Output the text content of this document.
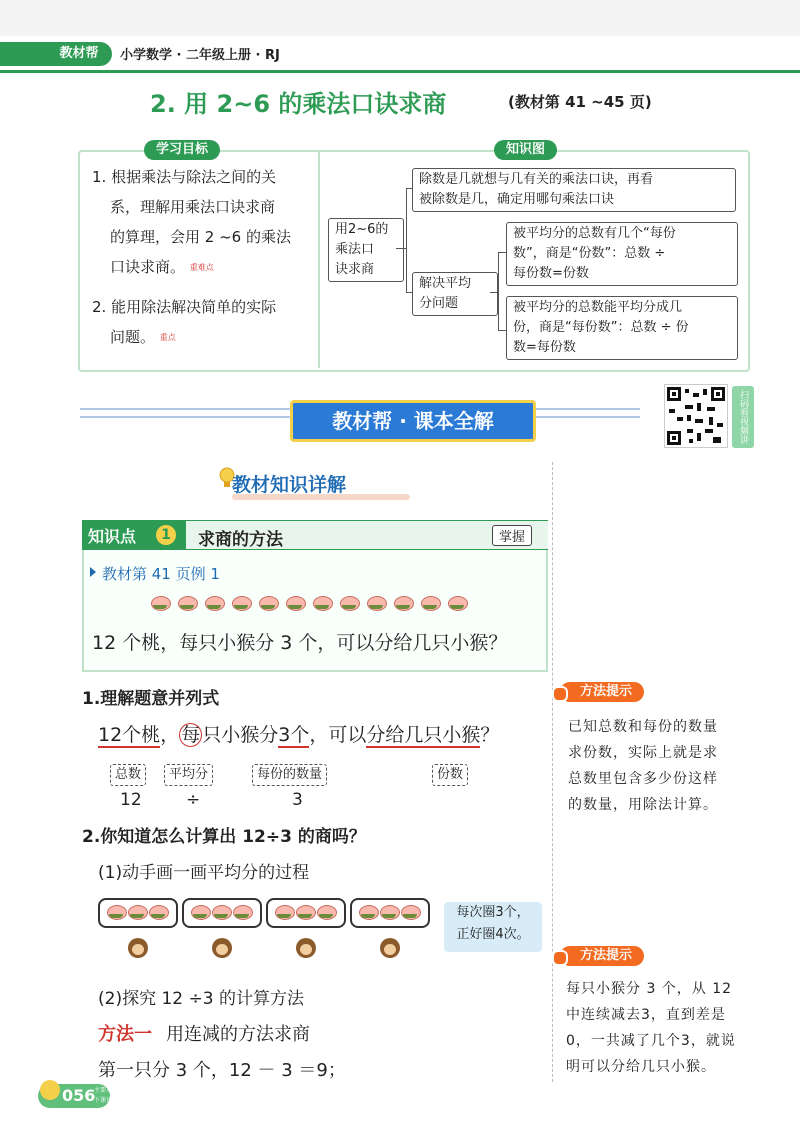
教材帮	小学数学 · 二年级上册 · RJ
2. 用 2~6 的乘法口诀求商	(教材第 41 ~45 页)
学习目标	知识图
1. 根据乘法与除法之间的关
系，理解用乘法口诀求商
的算理，会用 2 ~6 的乘法
口诀求商。 重难点
2. 能用除法解决简单的实际
问题。 重点
用2~6的
乘法口
诀求商
除数是几就想与几有关的乘法口诀，再看
被除数是几，确定用哪句乘法口诀
解决平均
分问题
被平均分的总数有几个“每份
数”，商是“份数”：总数 ÷
每份数=份数
被平均分的总数能平均分成几
份，商是“每份数”：总数 ÷ 份
数=每份数
教材帮 · 课本全解	扫码看视频讲解
教材知识详解
知识点	1	求商的方法	掌握
教材第 41 页例 1
12 个桃，每只小猴分 3 个，可以分给几只小猴？
1.理解题意并列式
12个桃， 每 只小猴分3个，可以分给几只小猴？
总数	平均分	每份的数量	份数
12	÷	3
2.你知道怎么计算出 12÷3 的商吗？
(1)动手画一画平均分的过程
每次圈3个，
正好圈4次。
(2)探究 12 ÷3 的计算方法
方法一 用连减的方法求商
第一只分 3 个，12 － 3 ＝9；
方法提示
已知总数和每份的数量
求份数，实际上就是求
总数里包含多少份这样
的数量，用除法计算。
方法提示
每只小猴分 3 个，从 12
中连续减去3，直到差是
0，一共减了几个3，就说
明可以分给几只小猴。
056
主要从教材 下课讲考点
